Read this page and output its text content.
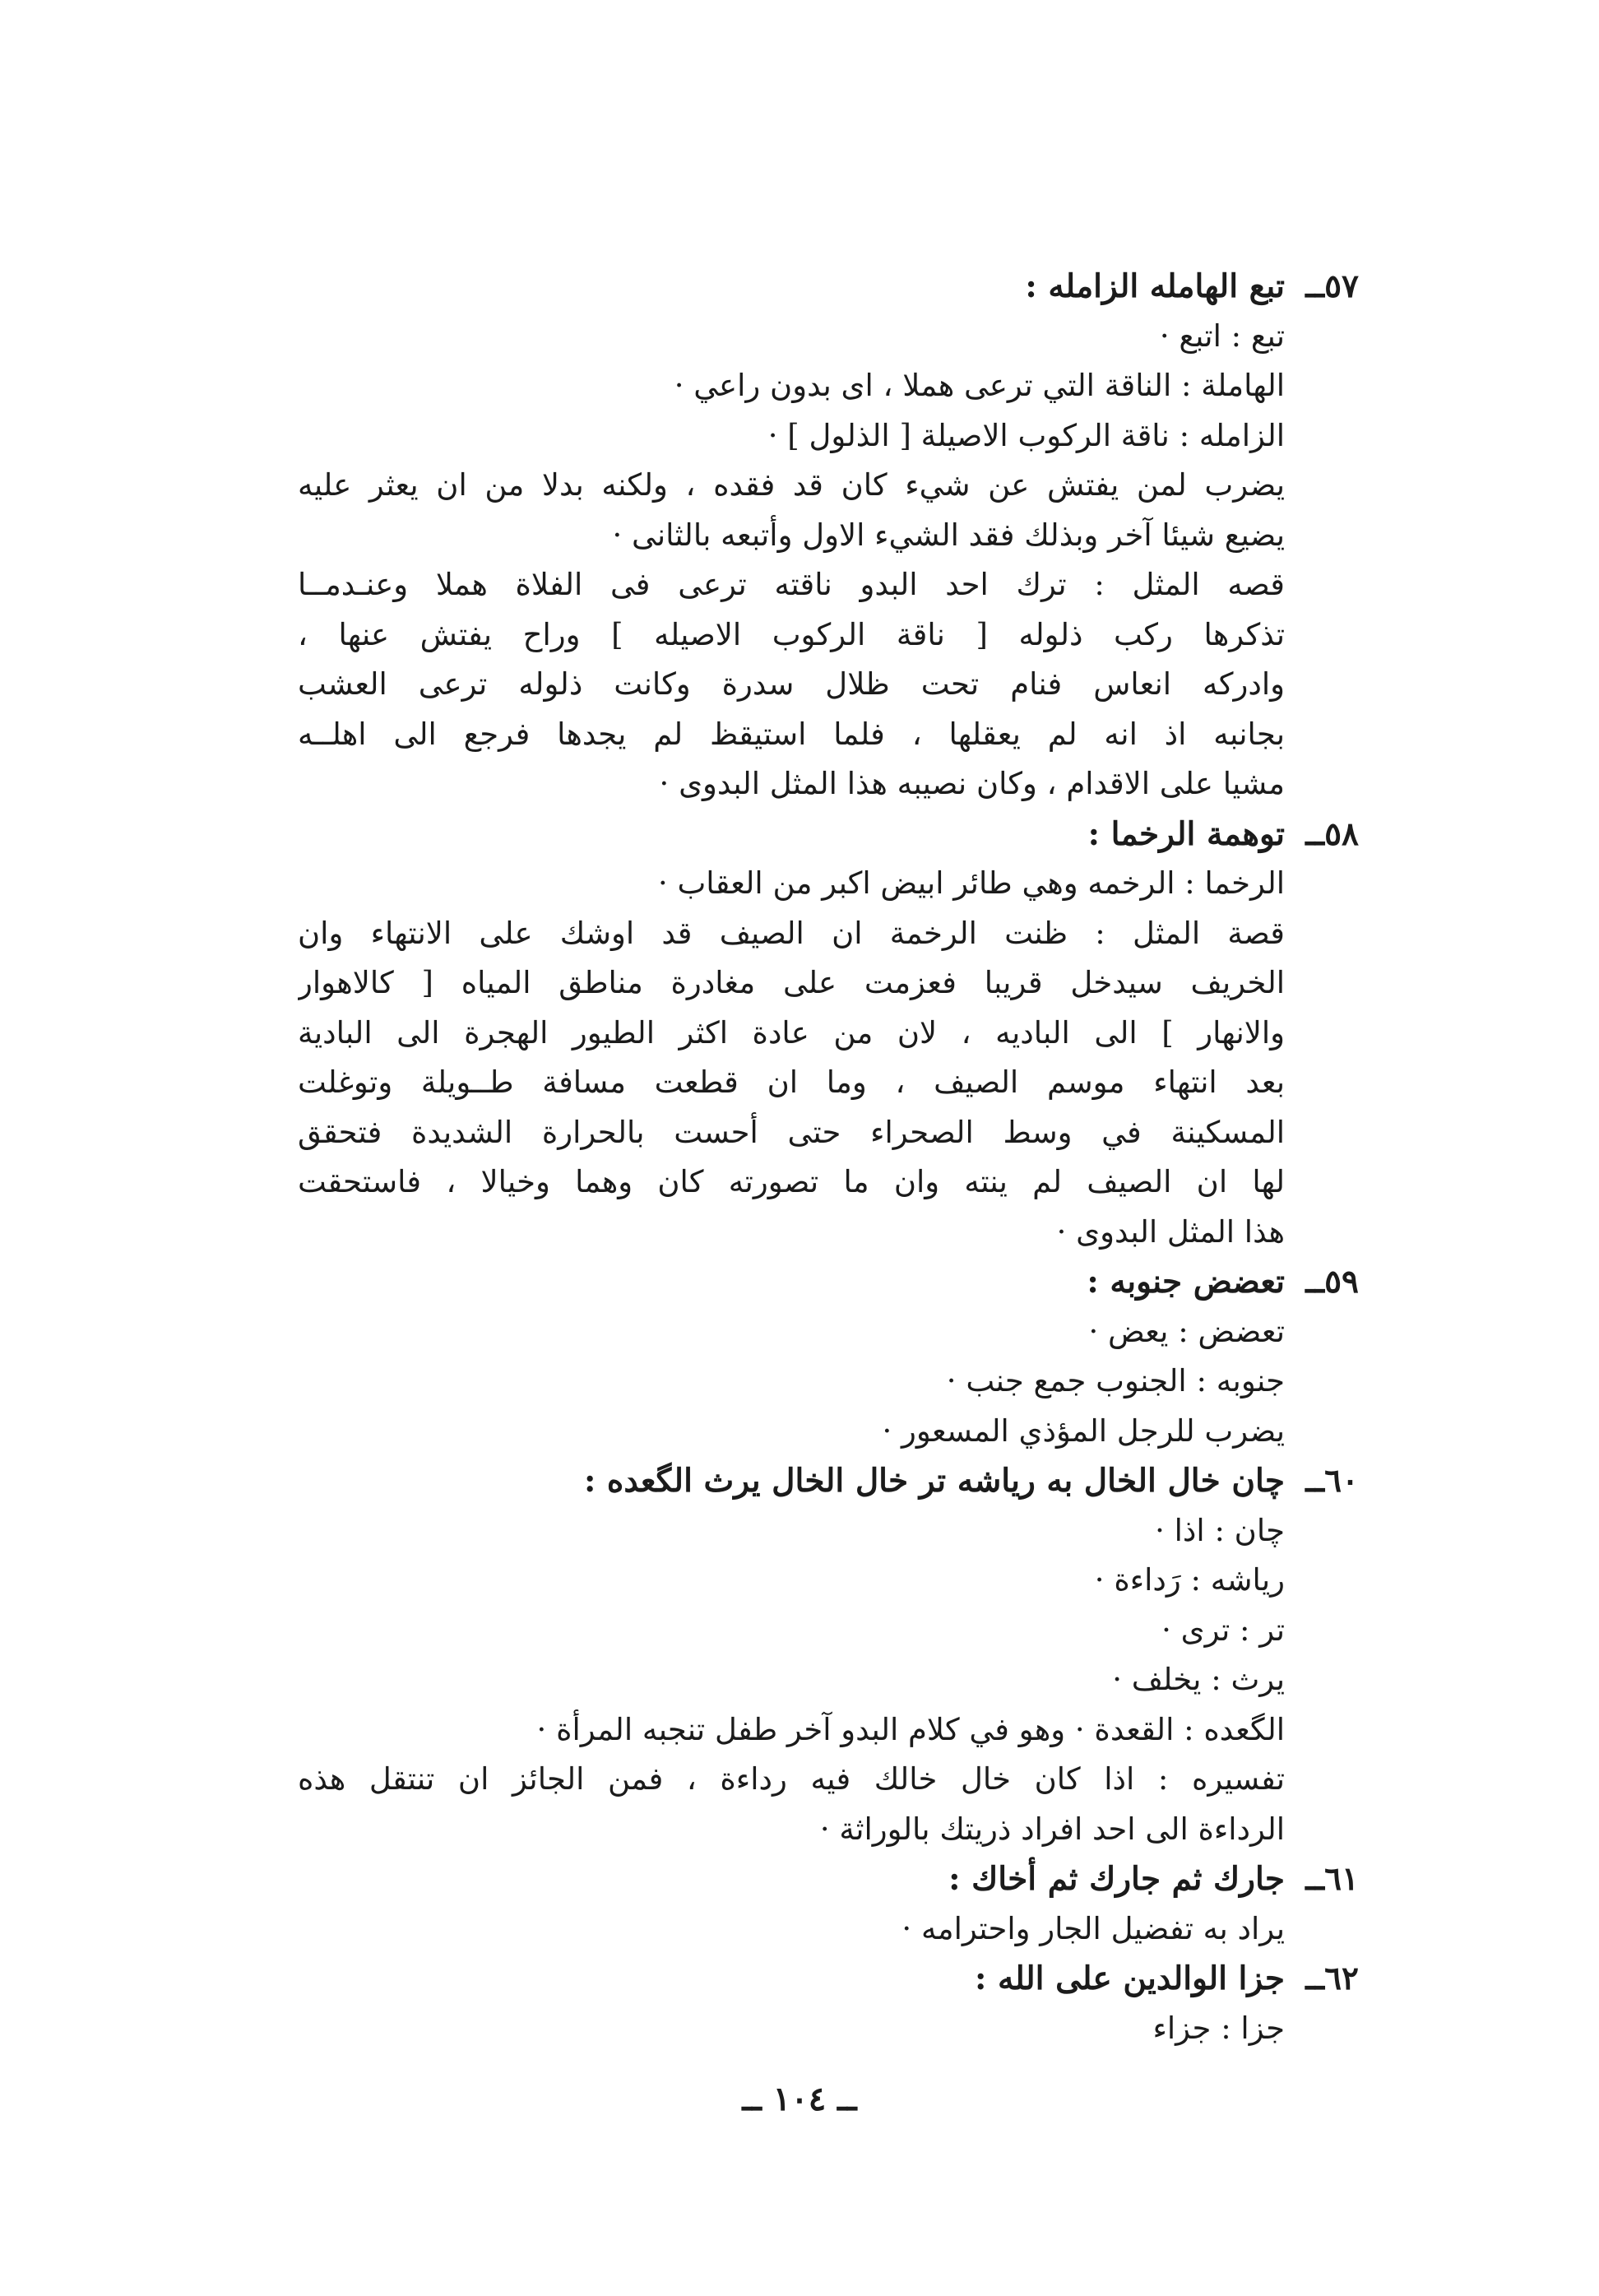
٥٧ــتبع الهامله الزامله :
تبع : اتبع ·
الهاملة : الناقة التي ترعى هملا ، اى بدون راعي ·
الزامله : ناقة الركوب الاصيلة [ الذلول ] ·
يضرب لمن يفتش عن شيء كان قد فقده ، ولكنه بدلا من ان يعثر عليه
يضيع شيئا آخر وبذلك فقد الشيء الاول وأتبعه بالثانى ·
قصه المثل : ترك احد البدو ناقته ترعى فى الفلاة هملا وعنـدمــا
تذكرها ركب ذلوله [ ناقة الركوب الاصيله ] وراح يفتش عنها ،
وادركه انعاس فنام تحت ظلال سدرة وكانت ذلوله ترعى العشب
بجانبه اذ انه لم يعقلها ، فلما استيقظ لم يجدها فرجع الى اهلــه
مشيا على الاقدام ، وكان نصيبه هذا المثل البدوى ·
٥٨ــتوهمة الرخما :
الرخما : الرخمه وهي طائر ابيض اكبر من العقاب ·
قصة المثل : ظنت الرخمة ان الصيف قد اوشك على الانتهاء وان
الخريف سيدخل قريبا فعزمت على مغادرة مناطق المياه [ كالاهوار
والانهار ] الى الباديه ، لان من عادة اكثر الطيور الهجرة الى البادية
بعد انتهاء موسم الصيف ، وما ان قطعت مسافة طــويلة وتوغلت
المسكينة في وسط الصحراء حتى أحست بالحرارة الشديدة فتحقق
لها ان الصيف لم ينته وان ما تصورته كان وهما وخيالا ، فاستحقت
هذا المثل البدوى ·
٥٩ــتعضض جنوبه :
تعضض : يعض ·
جنوبه : الجنوب جمع جنب ·
يضرب للرجل المؤذي المسعور ·
٦٠ــچان خال الخال به رياشه تر خال الخال يرث الگعده :
چان : اذا ·
رياشه : رَداءة ·
تر : ترى ·
يرث : يخلف ·
الگعده : القعدة · وهو في كلام البدو آخر طفل تنجبه المرأة ·
تفسيره : اذا كان خال خالك فيه رداءة ، فمن الجائز ان تنتقل هذه
الرداءة الى احد افراد ذريتك بالوراثة ·
٦١ــجارك ثم جارك ثم أخاك :
يراد به تفضيل الجار واحترامه ·
٦٢ــجزا الوالدين على الله :
جزا : جزاء
ــ ١٠٤ ــ
